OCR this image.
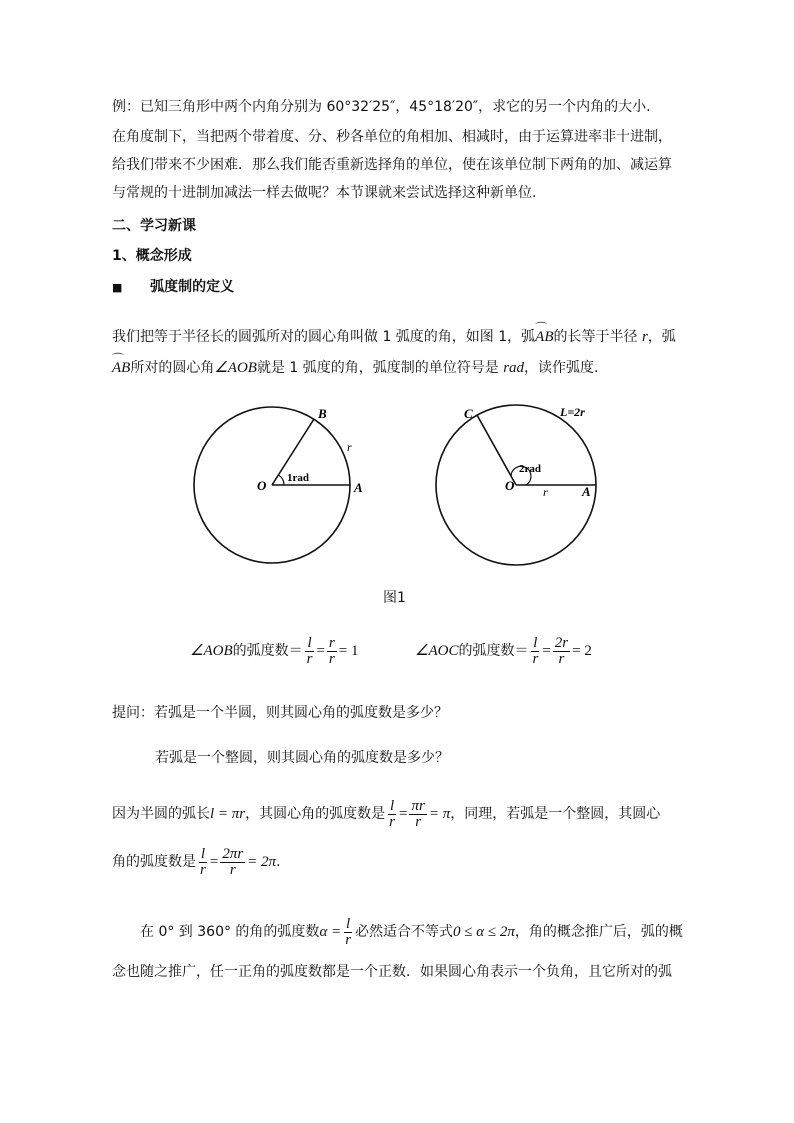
例：已知三角形中两个内角分别为 60°32′25″，45°18′20″，求它的另一个内角的大小.
在角度制下，当把两个带着度、分、秒各单位的角相加、相减时，由于运算进率非十进制，
给我们带来不少困难．那么我们能否重新选择角的单位，使在该单位制下两角的加、减运算
与常规的十进制加减法一样去做呢？本节课就来尝试选择这种新单位.
二、学习新课
1、概念形成
■ 弧度制的定义
我们把等于半径长的圆弧所对的圆心角叫做 1 弧度的角，如图 1，弧⌒ AB的长等于半径 r，弧
⌒ AB所对的圆心角∠AOB就是 1 弧度的角，弧度制的单位符号是 rad，读作弧度.
O	A
B
r
1rad	O	A
C
r
L=2r
2rad
图1
∠AOB的弧度数＝ $\frac{l}{r} = \frac{r}{r} = 1$	∠AOC的弧度数＝ $\frac{l}{r} = \frac{2r}{r} = 2$
提问：若弧是一个半圆，则其圆心角的弧度数是多少？
若弧是一个整圆，则其圆心角的弧度数是多少？
因为半圆的弧长l = πr，其圆心角的弧度数是 $\frac{l}{r} = \frac{\pi r}{r} = \pi$，同理，若弧是一个整圆，其圆心
角的弧度数是 $\frac{l}{r} = \frac{2\pi r}{r} = 2\pi$.
在 0° 到 360° 的角的弧度数$\alpha = \frac{l}{r}$ 必然适合不等式0 ≤ α ≤ 2π，角的概念推广后，弧的概
念也随之推广，任一正角的弧度数都是一个正数．如果圆心角表示一个负角，且它所对的弧
